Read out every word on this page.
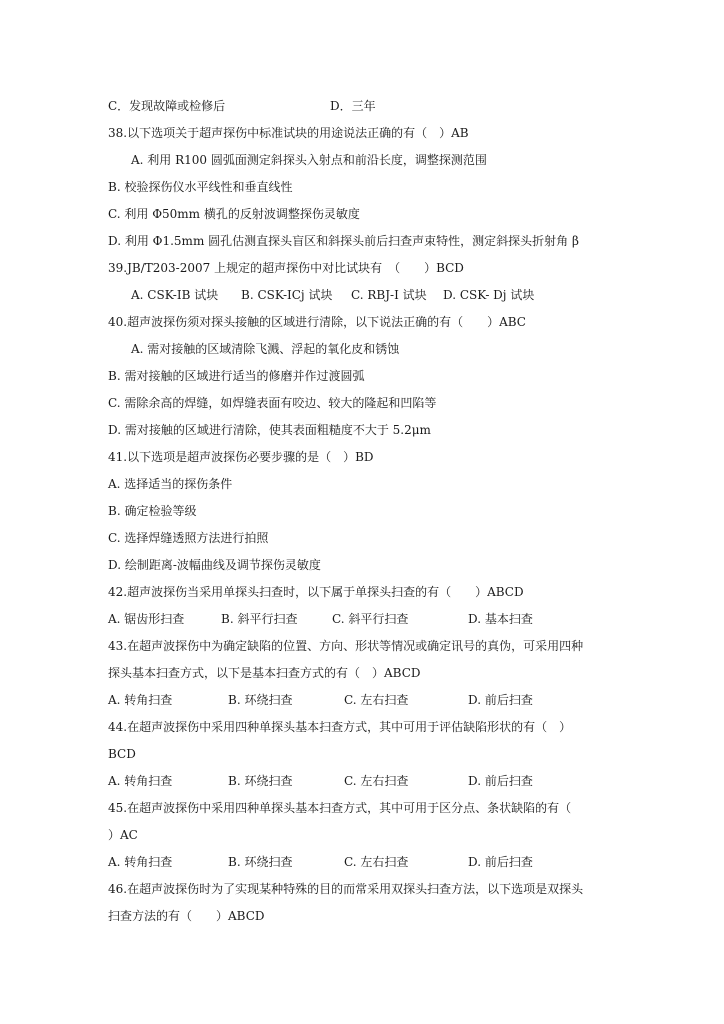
C．发现故障或检修后	D．三年
38.以下选项关于超声探伤中标准试块的用途说法正确的有（　）AB
A. 利用 R100 圆弧面测定斜探头入射点和前沿长度，调整探测范围
B. 校验探伤仪水平线性和垂直线性
C. 利用 Φ50mm 横孔的反射波调整探伤灵敏度
D. 利用 Φ1.5mm 圆孔估测直探头盲区和斜探头前后扫查声束特性，测定斜探头折射角 β
39.JB/T203-2007 上规定的超声探伤中对比试块有　（　　）BCD
A. CSK-IB 试块 B. CSK-ICj 试块 C. RBJ-I 试块 D. CSK- Dj 试块
40.超声波探伤须对探头接触的区域进行清除，以下说法正确的有（　　）ABC
A. 需对接触的区域清除飞溅、浮起的氧化皮和锈蚀
B. 需对接触的区域进行适当的修磨并作过渡圆弧
C. 需除余高的焊缝，如焊缝表面有咬边、较大的隆起和凹陷等
D. 需对接触的区域进行清除，使其表面粗糙度不大于 5.2μm
41.以下选项是超声波探伤必要步骤的是（　）BD
A. 选择适当的探伤条件
B. 确定检验等级
C. 选择焊缝透照方法进行拍照
D. 绘制距离-波幅曲线及调节探伤灵敏度
42.超声波探伤当采用单探头扫查时，以下属于单探头扫查的有（　　）ABCD
A. 锯齿形扫查	B. 斜平行扫查	C. 斜平行扫查	D. 基本扫查
43.在超声波探伤中为确定缺陷的位置、方向、形状等情况或确定讯号的真伪，可采用四种
探头基本扫查方式，以下是基本扫查方式的有（　）ABCD
A. 转角扫查	B. 环绕扫查	C. 左右扫查	D. 前后扫查
44.在超声波探伤中采用四种单探头基本扫查方式，其中可用于评估缺陷形状的有（　）
BCD
A. 转角扫查	B. 环绕扫查	C. 左右扫查	D. 前后扫查
45.在超声波探伤中采用四种单探头基本扫查方式，其中可用于区分点、条状缺陷的有（
）AC
A. 转角扫查	B. 环绕扫查	C. 左右扫查	D. 前后扫查
46.在超声波探伤时为了实现某种特殊的目的而常采用双探头扫查方法，以下选项是双探头
扫查方法的有（　　）ABCD
